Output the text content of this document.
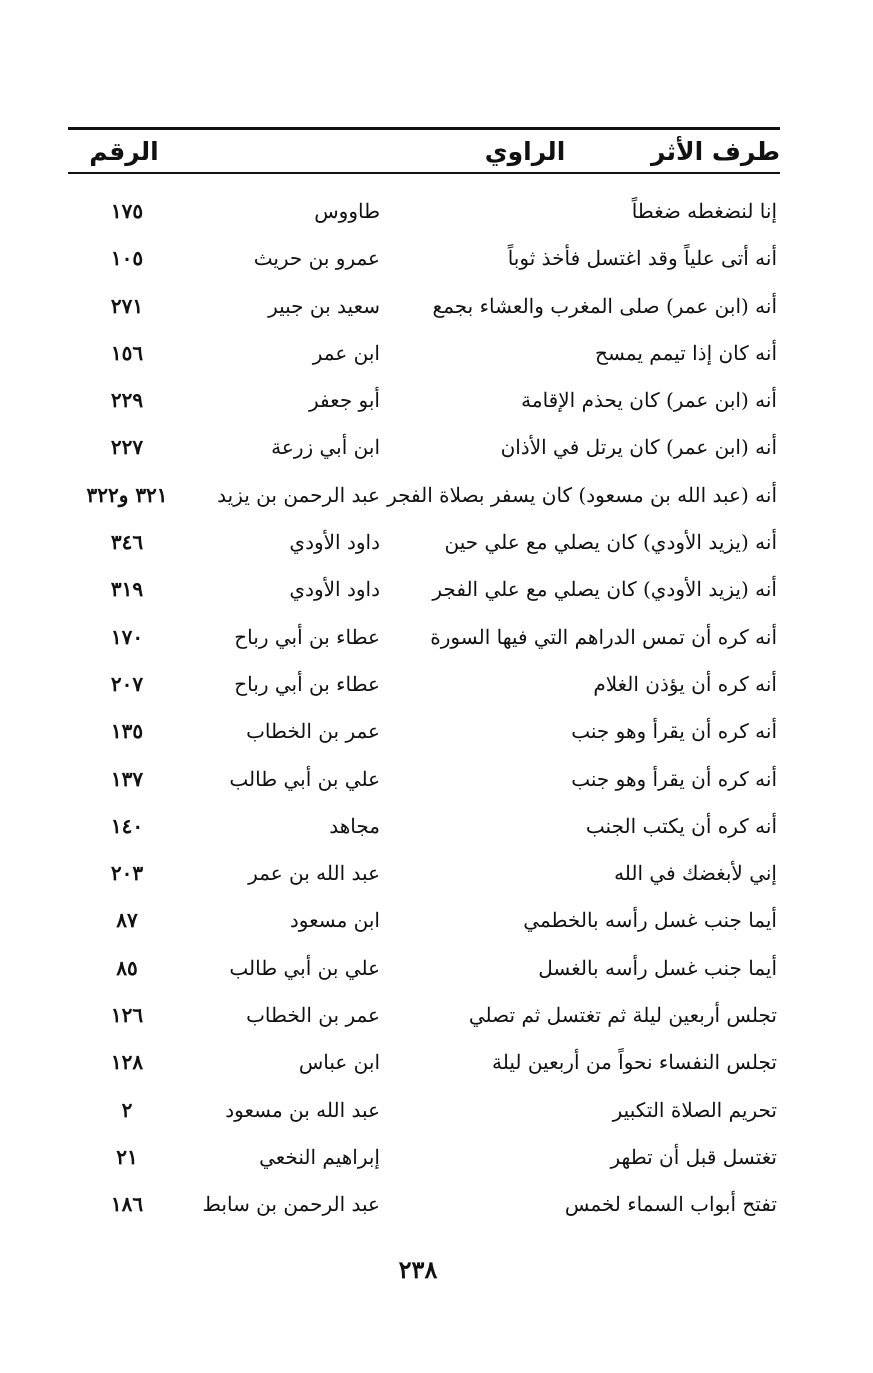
طرف الأثر
الراوي
الرقم
إنا لنضغطه ضغطاً
طاووس
١٧٥
أنه أتى علياً وقد اغتسل فأخذ ثوباً
عمرو بن حريث
١٠٥
أنه (ابن عمر) صلى المغرب والعشاء بجمع
سعيد بن جبير
٢٧١
أنه كان إذا تيمم يمسح
ابن عمر
١٥٦
أنه (ابن عمر) كان يحذم الإقامة
أبو جعفر
٢٢٩
أنه (ابن عمر) كان يرتل في الأذان
ابن أبي زرعة
٢٢٧
أنه (عبد الله بن مسعود) كان يسفر بصلاة الفجر
عبد الرحمن بن يزيد
٣٢١ و٣٢٢
أنه (يزيد الأودي) كان يصلي مع علي حين
داود الأودي
٣٤٦
أنه (يزيد الأودي) كان يصلي مع علي الفجر
داود الأودي
٣١٩
أنه كره أن تمس الدراهم التي فيها السورة
عطاء بن أبي رباح
١٧٠
أنه كره أن يؤذن الغلام
عطاء بن أبي رباح
٢٠٧
أنه كره أن يقرأ وهو جنب
عمر بن الخطاب
١٣٥
أنه كره أن يقرأ وهو جنب
علي بن أبي طالب
١٣٧
أنه كره أن يكتب الجنب
مجاهد
١٤٠
إني لأبغضك في الله
عبد الله بن عمر
٢٠٣
أيما جنب غسل رأسه بالخطمي
ابن مسعود
٨٧
أيما جنب غسل رأسه بالغسل
علي بن أبي طالب
٨٥
تجلس أربعين ليلة ثم تغتسل ثم تصلي
عمر بن الخطاب
١٢٦
تجلس النفساء نحواً من أربعين ليلة
ابن عباس
١٢٨
تحريم الصلاة التكبير
عبد الله بن مسعود
٢
تغتسل قبل أن تطهر
إبراهيم النخعي
٢١
تفتح أبواب السماء لخمس
عبد الرحمن بن سابط
١٨٦
٢٣٨
